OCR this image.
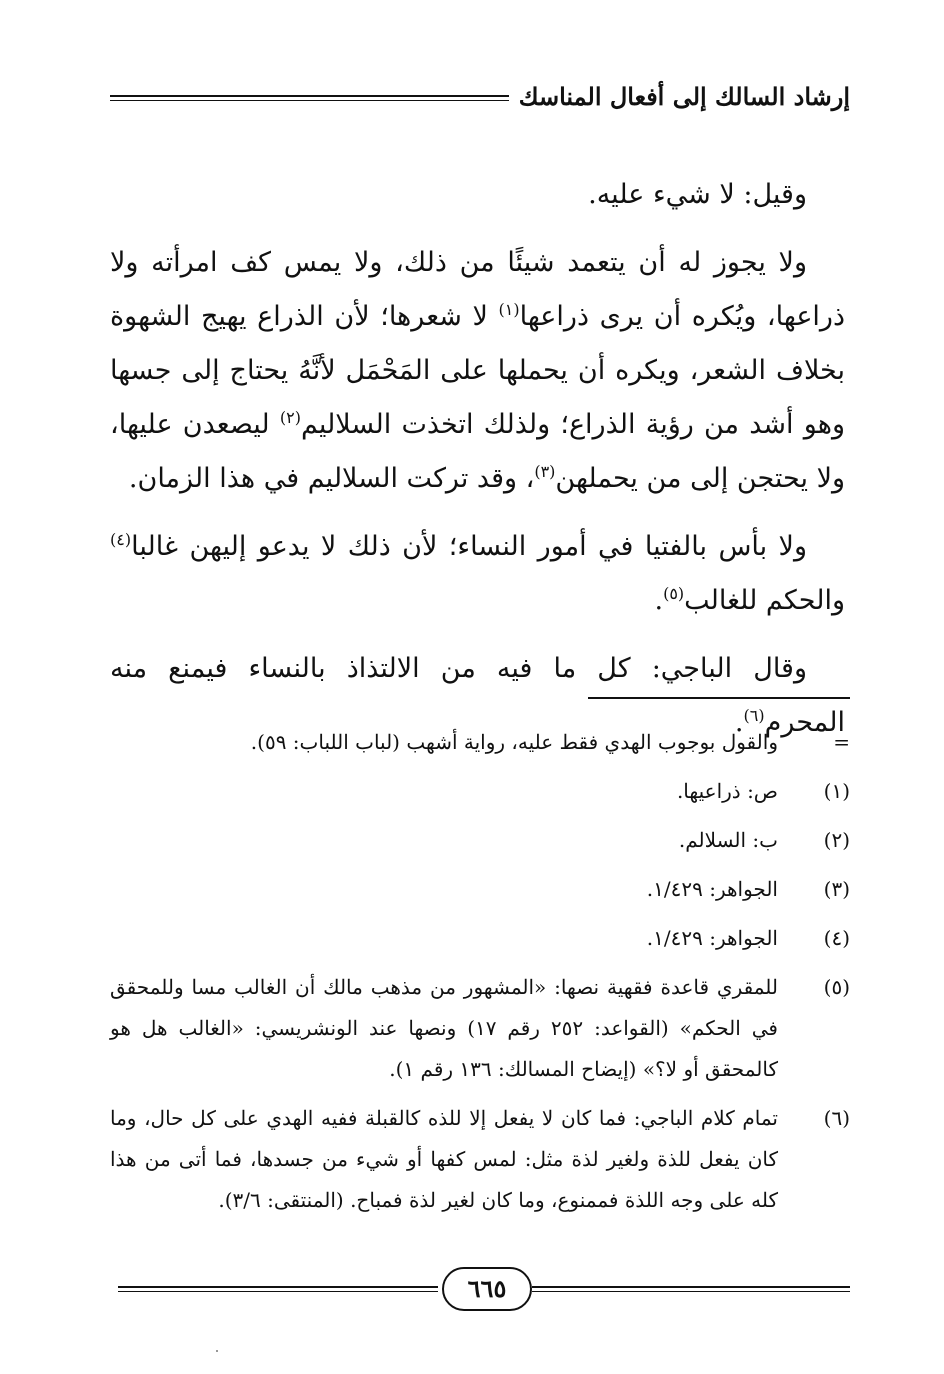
إرشاد السالك إلى أفعال المناسك

وقيل: لا شيء عليه.

ولا يجوز له أن يتعمد شيئًا من ذلك، ولا يمس كف امرأته ولا ذراعها، ويُكره أن يرى ذراعها$^{(١)}$ لا شعرها؛ لأن الذراع يهيج الشهوة بخلاف الشعر، ويكره أن يحملها على المَحْمَل لأنَّهُ يحتاج إلى جسها وهو أشد من رؤية الذراع؛ ولذلك اتخذت السلاليم$^{(٢)}$ ليصعدن عليها، ولا يحتجن إلى من يحملهن$^{(٣)}$، وقد تركت السلاليم في هذا الزمان.

ولا بأس بالفتيا في أمور النساء؛ لأن ذلك لا يدعو إليهن غالبا$^{(٤)}$ والحكم للغالب$^{(٥)}$.

وقال الباجي: كل ما فيه من الالتذاذ بالنساء فيمنع منه المحرم$^{(٦)}$.

=
والقول بوجوب الهدي فقط عليه، رواية أشهب (لباب اللباب: ٥٩).
(١)
ص: ذراعيها.
(٢)
ب: السلالم.
(٣)
الجواهر: ١/٤٢٩.
(٤)
الجواهر: ١/٤٢٩.
(٥)
للمقري قاعدة فقهية نصها: «المشهور من مذهب مالك أن الغالب مسا وللمحقق في الحكم» (القواعد: ٢٥٢ رقم ١٧) ونصها عند الونشريسي: «الغالب هل هو كالمحقق أو لا؟» (إيضاح المسالك: ١٣٦ رقم ١).
(٦)
تمام كلام الباجي: فما كان لا يفعل إلا للذه كالقبلة ففيه الهدي على كل حال، وما كان يفعل للذة ولغير لذة مثل: لمس كفها أو شيء من جسدها، فما أتى من هذا كله على وجه اللذة فممنوع، وما كان لغير لذة فمباح. (المنتقى: ٣/٦).
٦٦٥
